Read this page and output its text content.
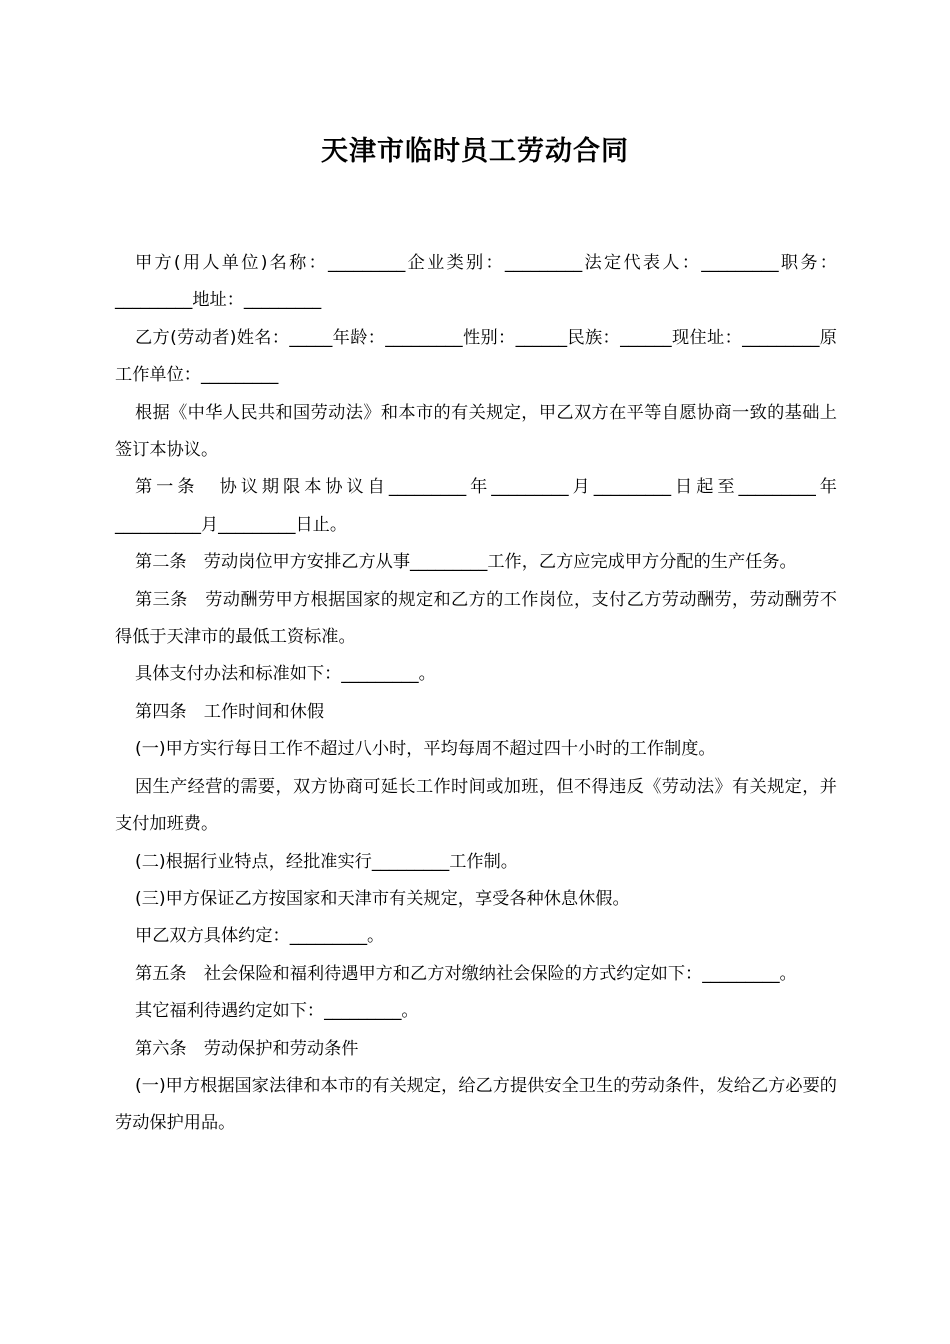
天津市临时员工劳动合同

甲方(用人单位)名称：_________企业类别：_________法定代表人：_________职务：_________地址：_________

乙方(劳动者)姓名：_____年龄：_________性别：______民族：______现住址：_________原工作单位：_________

根据《中华人民共和国劳动法》和本市的有关规定，甲乙双方在平等自愿协商一致的基础上签订本协议。

第一条　协议期限本协议自_________年_________月_________日起至_________年__________月_________日止。

第二条　劳动岗位甲方安排乙方从事_________工作，乙方应完成甲方分配的生产任务。

第三条　劳动酬劳甲方根据国家的规定和乙方的工作岗位，支付乙方劳动酬劳，劳动酬劳不得低于天津市的最低工资标准。

具体支付办法和标准如下：_________。

第四条　工作时间和休假

(一)甲方实行每日工作不超过八小时，平均每周不超过四十小时的工作制度。

因生产经营的需要，双方协商可延长工作时间或加班，但不得违反《劳动法》有关规定，并支付加班费。

(二)根据行业特点，经批准实行_________工作制。

(三)甲方保证乙方按国家和天津市有关规定，享受各种休息休假。

甲乙双方具体约定：_________。

第五条　社会保险和福利待遇甲方和乙方对缴纳社会保险的方式约定如下：_________。

其它福利待遇约定如下：_________。

第六条　劳动保护和劳动条件

(一)甲方根据国家法律和本市的有关规定，给乙方提供安全卫生的劳动条件，发给乙方必要的劳动保护用品。
